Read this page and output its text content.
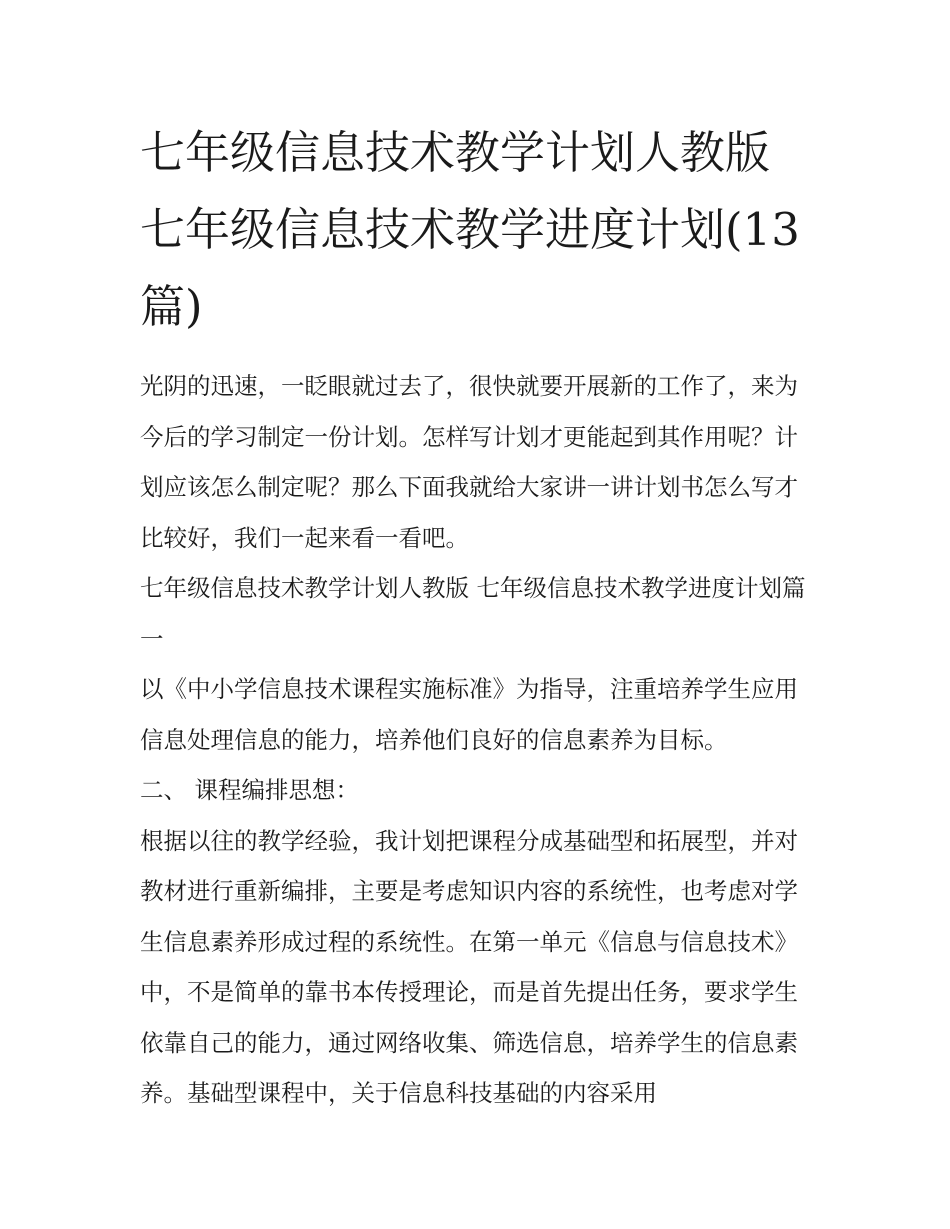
七年级信息技术教学计划人教版 七年级信息技术教学进度计划(13 篇)

光阴的迅速，一眨眼就过去了，很快就要开展新的工作了，来为今后的学习制定一份计划。怎样写计划才更能起到其作用呢？计划应该怎么制定呢？那么下面我就给大家讲一讲计划书怎么写才比较好，我们一起来看一看吧。

七年级信息技术教学计划人教版 七年级信息技术教学进度计划篇一

以《中小学信息技术课程实施标准》为指导，注重培养学生应用信息处理信息的能力，培养他们良好的信息素养为目标。

二、 课程编排思想：

根据以往的教学经验，我计划把课程分成基础型和拓展型，并对教材进行重新编排，主要是考虑知识内容的系统性，也考虑对学生信息素养形成过程的系统性。在第一单元《信息与信息技术》中，不是简单的靠书本传授理论，而是首先提出任务，要求学生依靠自己的能力，通过网络收集、筛选信息，培养学生的信息素养。基础型课程中，关于信息科技基础的内容采用
